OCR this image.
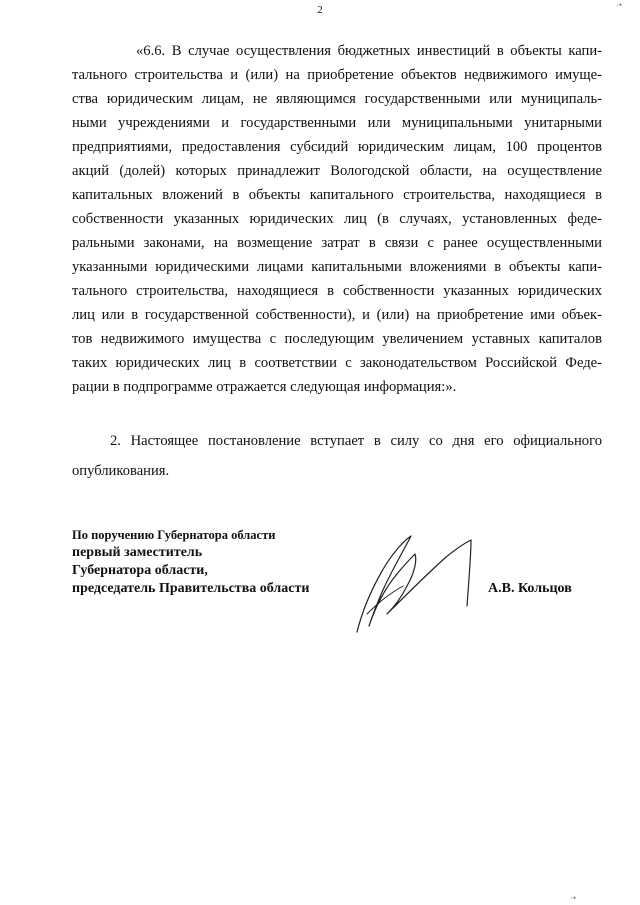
2
«6.6. В случае осуществления бюджетных инвестиций в объекты капи-
тального строительства и (или) на приобретение объектов недвижимого имуще-
ства юридическим лицам, не являющимся государственными или муниципаль-
ными учреждениями и государственными или муниципальными унитарными
предприятиями, предоставления субсидий юридическим лицам, 100 процентов
акций (долей) которых принадлежит Вологодской области, на осуществление
капитальных вложений в объекты капитального строительства, находящиеся в
собственности указанных юридических лиц (в случаях, установленных феде-
ральными законами, на возмещение затрат в связи с ранее осуществленными
указанными юридическими лицами капитальными вложениями в объекты капи-
тального строительства, находящиеся в собственности указанных юридических
лиц или в государственной собственности), и (или) на приобретение ими объек-
тов недвижимого имущества с последующим увеличением уставных капиталов
таких юридических лиц в соответствии с законодательством Российской Феде-
рации в подпрограмме отражается следующая информация:».
2. Настоящее постановление вступает в силу со дня его официального
опубликования.
По поручению Губернатора области
первый заместитель
Губернатора области,
председатель Правительства области	А.В. Кольцов
·•
·•
